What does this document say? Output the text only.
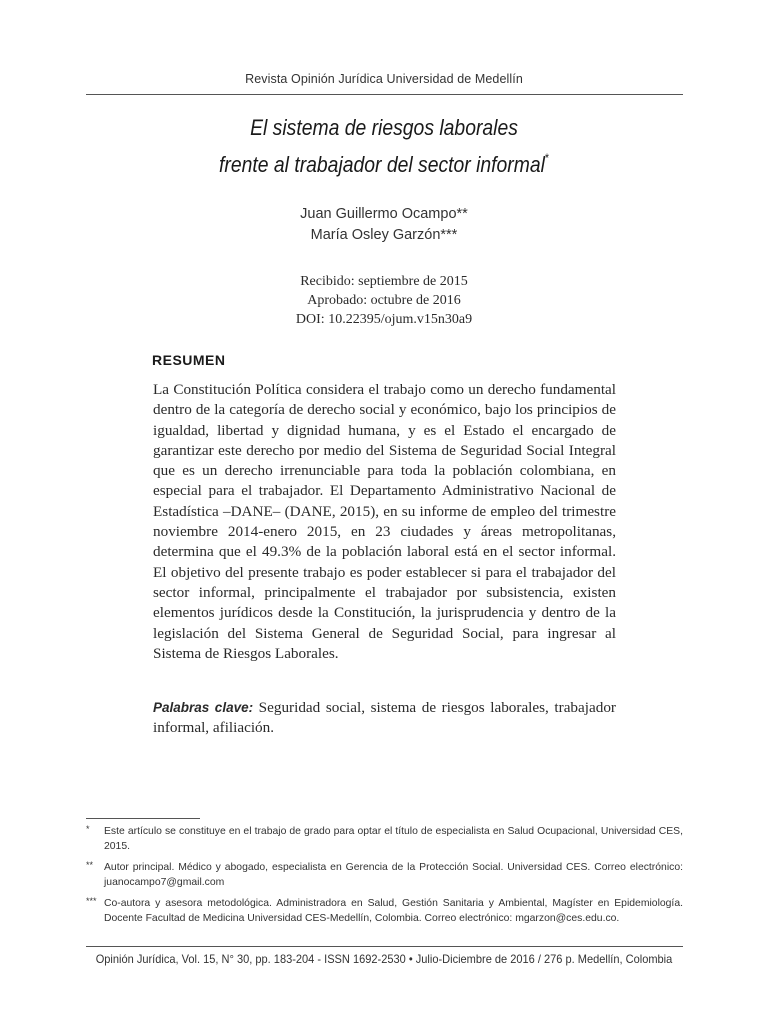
Revista Opinión Jurídica Universidad de Medellín
El sistema de riesgos laborales
frente al trabajador del sector informal*
Juan Guillermo Ocampo**
María Osley Garzón***
Recibido: septiembre de 2015
Aprobado: octubre de 2016
DOI: 10.22395/ojum.v15n30a9
RESUMEN

La Constitución Política considera el trabajo como un derecho fundamental dentro de la categoría de derecho social y económico, bajo los principios de igualdad, libertad y dignidad humana, y es el Estado el encargado de garantizar este derecho por medio del Sistema de Seguridad Social Integral que es un derecho irrenunciable para toda la población colombiana, en especial para el trabajador. El Departamento Administrativo Nacional de Estadística –DANE– (DANE, 2015), en su informe de empleo del trimestre noviembre 2014-enero 2015, en 23 ciudades y áreas metropolitanas, determina que el 49.3% de la población laboral está en el sector informal. El objetivo del presente trabajo es poder establecer si para el trabajador del sector informal, principalmente el trabajador por subsistencia, existen elementos jurídicos desde la Constitución, la jurisprudencia y dentro de la legislación del Sistema General de Seguridad Social, para ingresar al Sistema de Riesgos Laborales.

Palabras clave: Seguridad social, sistema de riesgos laborales, trabajador informal, afiliación.

* Este artículo se constituye en el trabajo de grado para optar el título de especialista en Salud Ocupacional, Universidad CES, 2015.
** Autor principal. Médico y abogado, especialista en Gerencia de la Protección Social. Universidad CES. Correo electrónico: juanocampo7@gmail.com
*** Co-autora y asesora metodológica. Administradora en Salud, Gestión Sanitaria y Ambiental, Magíster en Epidemiología. Docente Facultad de Medicina Universidad CES-Medellín, Colombia. Correo electrónico: mgarzon@ces.edu.co.
Opinión Jurídica, Vol. 15, N° 30, pp. 183-204 - ISSN 1692-2530 • Julio-Diciembre de 2016 / 276 p. Medellín, Colombia
